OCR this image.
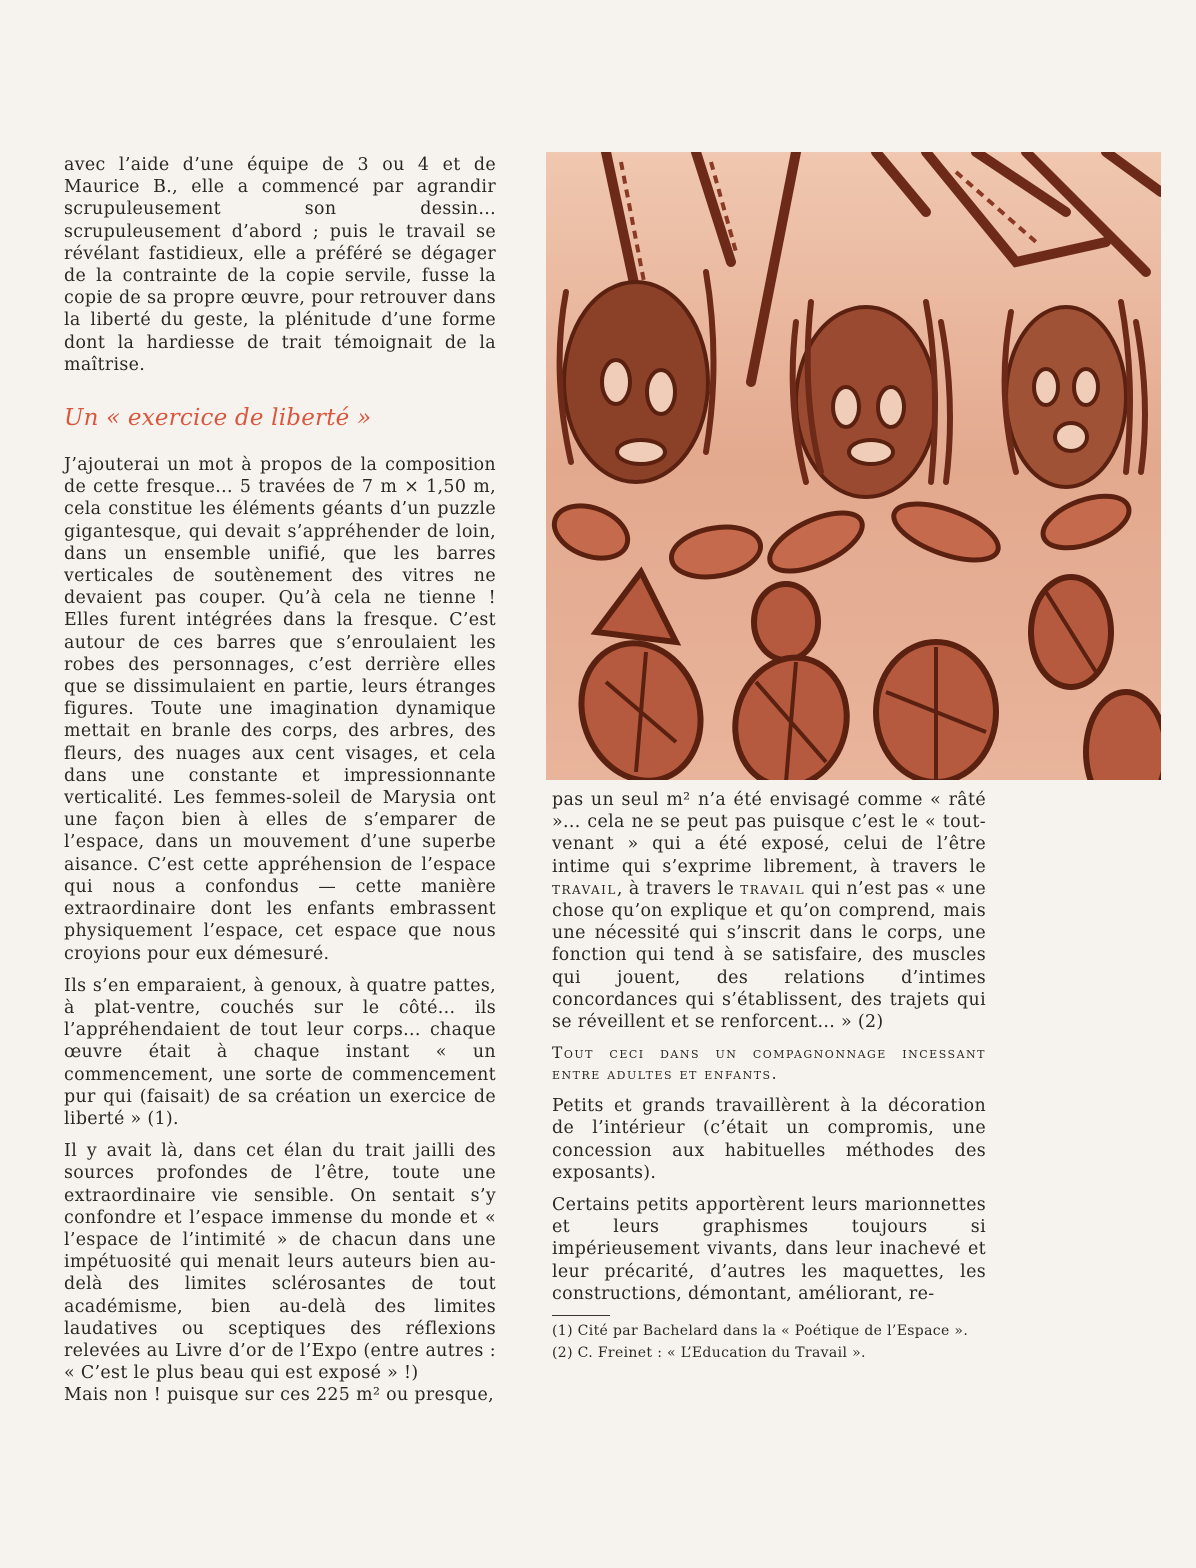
avec l’aide d’une équipe de 3 ou 4 et de Maurice B., elle a commencé par agrandir scrupuleusement son dessin... scrupuleusement d’abord ; puis le travail se révélant fastidieux, elle a préféré se dégager de la contrainte de la copie servile, fusse la copie de sa propre œuvre, pour retrouver dans la liberté du geste, la plénitude d’une forme dont la hardiesse de trait témoignait de la maîtrise.

Un « exercice de liberté »

J’ajouterai un mot à propos de la composition de cette fresque... 5 travées de 7 m × 1,50 m, cela constitue les éléments géants d’un puzzle gigantesque, qui devait s’appréhender de loin, dans un ensemble unifié, que les barres verticales de soutènement des vitres ne devaient pas couper. Qu’à cela ne tienne ! Elles furent intégrées dans la fresque. C’est autour de ces barres que s’enroulaient les robes des personnages, c’est derrière elles que se dissimulaient en partie, leurs étranges figures. Toute une imagination dynamique mettait en branle des corps, des arbres, des fleurs, des nuages aux cent visages, et cela dans une constante et impressionnante verticalité. Les femmes-soleil de Marysia ont une façon bien à elles de s’emparer de l’espace, dans un mouvement d’une superbe aisance. C’est cette appréhension de l’espace qui nous a confondus — cette manière extraordinaire dont les enfants embrassent physiquement l’espace, cet espace que nous croyions pour eux démesuré.

Ils s’en emparaient, à genoux, à quatre pattes, à plat-ventre, couchés sur le côté... ils l’appréhendaient de tout leur corps... chaque œuvre était à chaque instant « un commencement, une sorte de commencement pur qui (faisait) de sa création un exercice de liberté » (1).

Il y avait là, dans cet élan du trait jailli des sources profondes de l’être, toute une extraordinaire vie sensible. On sentait s’y confondre et l’espace immense du monde et « l’espace de l’intimité » de chacun dans une impétuosité qui menait leurs auteurs bien au-delà des limites sclérosantes de tout académisme, bien au-delà des limites laudatives ou sceptiques des réflexions relevées au Livre d’or de l’Expo (entre autres : « C’est le plus beau qui est exposé » !)

Mais non ! puisque sur ces 225 m² ou presque,

pas un seul m² n’a été envisagé comme « râté »... cela ne se peut pas puisque c’est le « tout-venant » qui a été exposé, celui de l’être intime qui s’exprime librement, à travers le travail, à travers le travail qui n’est pas « une chose qu’on explique et qu’on comprend, mais une nécessité qui s’inscrit dans le corps, une fonction qui tend à se satisfaire, des muscles qui jouent, des relations d’intimes concordances qui s’établissent, des trajets qui se réveillent et se renforcent... » (2)

Tout ceci dans un compagnonnage incessant entre adultes et enfants.

Petits et grands travaillèrent à la décoration de l’intérieur (c’était un compromis, une concession aux habituelles méthodes des exposants).

Certains petits apportèrent leurs marionnettes et leurs graphismes toujours si impérieusement vivants, dans leur inachevé et leur précarité, d’autres les maquettes, les constructions, démontant, améliorant, re-

(1) Cité par Bachelard dans la « Poétique de l’Espace ».

(2) C. Freinet : « L’Education du Travail ».
